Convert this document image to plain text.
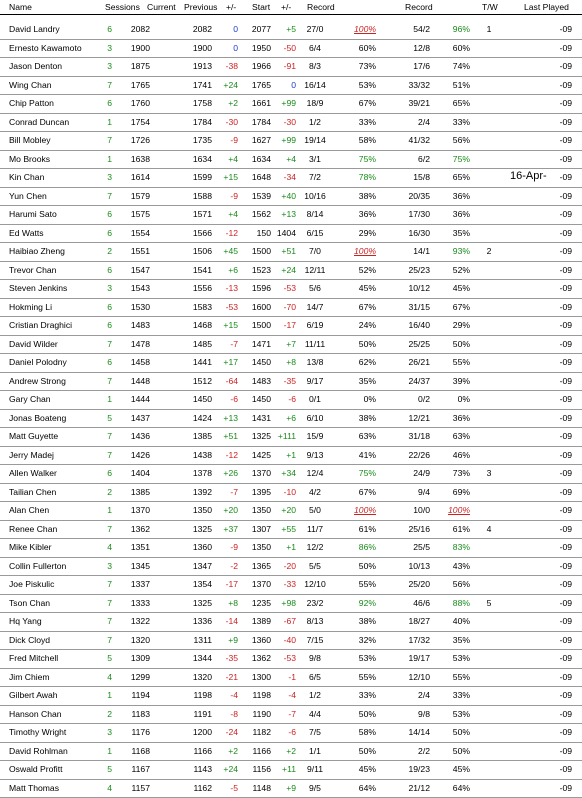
Name	Sessions Current Previous +/- Start +/- Record	Record	T/W	Last Played
David Landry	6	2082	2082	0	2077	+5	27/0	100%	54/2	96%	1	-09
Ernesto Kawamoto	3	1900	1900	0	1950	-50	6/4	60%	12/8	60%	-09
Jason Denton	3	1875	1913	-38	1966	-91	8/3	73%	17/6	74%	-09
Wing Chan	7	1765	1741	+24	1765	0 16/14	53%	33/32	51%	-09
Chip Patton	6	1760	1758	+2	1661	+99	18/9	67%	39/21	65%	-09
Conrad Duncan	1	1754	1784	-30	1784	-30	1/2	33%	2/4	33%	-09
Bill Mobley	7	1726	1735	-9	1627	+99 19/14	58%	41/32	56%	-09
Mo Brooks	1	1638	1634	+4	1634	+4	3/1	75%	6/2	75%	-09
Kin Chan	3	1614	1599	+15	1648	-34	7/2	78%	15/8	65%	-09
Yun Chen	7	1579	1588	-9	1539	+40 10/16	38%	20/35	36%	-09
Harumi Sato	6	1575	1571	+4	1562	+13	8/14	36%	17/30	36%	-09
Ed Watts	6	1554	1566	-12	150 1404	6/15	29%	16/30	35%	-09
Haibiao Zheng	2	1551	1506	+45	1500	+51	7/0	100%	14/1	93%	2	-09
Trevor Chan	6	1547	1541	+6	1523	+24 12/11	52%	25/23	52%	-09
Steven Jenkins	3	1543	1556	-13	1596	-53	5/6	45%	10/12	45%	-09
Hokming Li	6	1530	1583	-53	1600	-70	14/7	67%	31/15	67%	-09
Cristian Draghici	6	1483	1468	+15	1500	-17	6/19	24%	16/40	29%	-09
David Wilder	7	1478	1485	-7	1471	+7	11/11	50%	25/25	50%	-09
Daniel Polodny	6	1458	1441	+17	1450	+8	13/8	62%	26/21	55%	-09
Andrew Strong	7	1448	1512	-64	1483	-35	9/17	35%	24/37	39%	-09
Gary Chan	1	1444	1450	-6	1450	-6	0/1	0%	0/2	0%	-09
Jonas Boateng	5	1437	1424	+13	1431	+6	6/10	38%	12/21	36%	-09
Matt Guyette	7	1436	1385	+51	1325 +111	15/9	63%	31/18	63%	-09
Jerry Madej	7	1426	1438	-12	1425	+1	9/13	41%	22/26	46%	-09
Allen Walker	6	1404	1378	+26	1370	+34	12/4	75%	24/9	73%	3	-09
Tailian Chen	2	1385	1392	-7	1395	-10	4/2	67%	9/4	69%	-09
Alan Chen	1	1370	1350	+20	1350	+20	5/0	100%	10/0	100%	-09
Renee Chan	7	1362	1325	+37	1307	+55	11/7	61%	25/16	61%	4	-09
Mike Kibler	4	1351	1360	-9	1350	+1	12/2	86%	25/5	83%	-09
Collin Fullerton	3	1345	1347	-2	1365	-20	5/5	50%	10/13	43%	-09
Joe Piskulic	7	1337	1354	-17	1370	-33 12/10	55%	25/20	56%	-09
Tson Chan	7	1333	1325	+8	1235	+98	23/2	92%	46/6	88%	5	-09
Hq Yang	7	1322	1336	-14	1389	-67	8/13	38%	18/27	40%	-09
Dick Cloyd	7	1320	1311	+9	1360	-40	7/15	32%	17/32	35%	-09
Fred Mitchell	5	1309	1344	-35	1362	-53	9/8	53%	19/17	53%	-09
Jim Chiem	4	1299	1320	-21	1300	-1	6/5	55%	12/10	55%	-09
Gilbert Awah	1	1194	1198	-4	1198	-4	1/2	33%	2/4	33%	-09
Hanson Chan	2	1183	1191	-8	1190	-7	4/4	50%	9/8	53%	-09
Timothy Wright	3	1176	1200	-24	1182	-6	7/5	58%	14/14	50%	-09
David Rohlman	1	1168	1166	+2	1166	+2	1/1	50%	2/2	50%	-09
Oswald Profitt	5	1167	1143	+24	1156	+11	9/11	45%	19/23	45%	-09
Matt Thomas	4	1157	1162	-5	1148	+9	9/5	64%	21/12	64%	-09
16-Apr-
